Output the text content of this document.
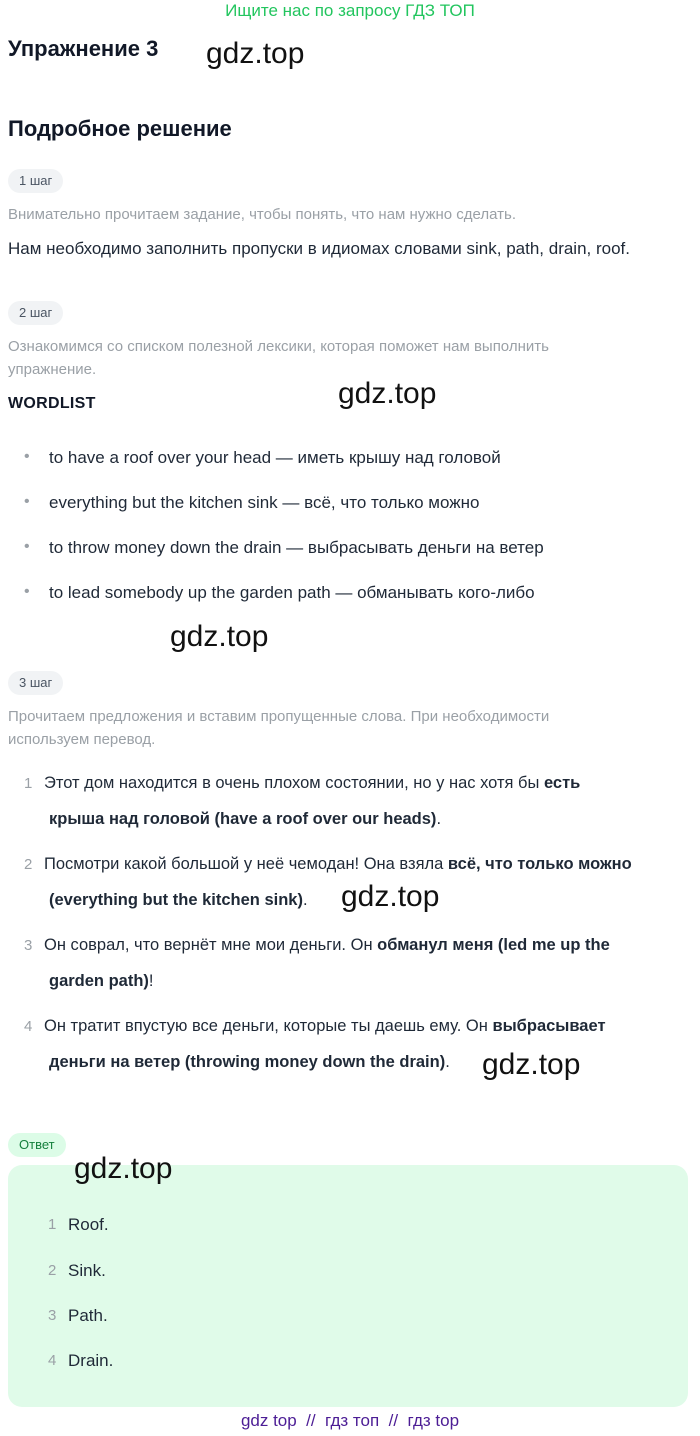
Ищите нас по запросу ГДЗ ТОП
Упражнение 3 gdz.top
Подробное решение
1 шаг
Внимательно прочитаем задание, чтобы понять, что нам нужно сделать.
Нам необходимо заполнить пропуски в идиомах словами sink, path, drain, roof.
2 шаг
Ознакомимся со списком полезной лексики, которая поможет нам выполнить
упражнение.
gdz.top
WORDLIST
• to have a roof over your head — иметь крышу над головой
• everything but the kitchen sink — всё, что только можно
• to throw money down the drain — выбрасывать деньги на ветер
• to lead somebody up the garden path — обманывать кого-либо
gdz.top
3 шаг
Прочитаем предложения и вставим пропущенные слова. При необходимости
используем перевод.
1 Этот дом находится в очень плохом состоянии, но у нас хотя бы есть
крыша над головой (have a roof over our heads).
2 Посмотри какой большой у неё чемодан! Она взяла всё, что только можно
(everything but the kitchen sink). gdz.top
3 Он соврал, что вернёт мне мои деньги. Он обманул меня (led me up the
garden path)!
4 Он тратит впустую все деньги, которые ты даешь ему. Он выбрасывает
деньги на ветер (throwing money down the drain). gdz.top
Ответ
gdz.top
1 Roof.
2 Sink.
3 Path.
4 Drain.
gdz top  //  гдз топ  //  гдз top
